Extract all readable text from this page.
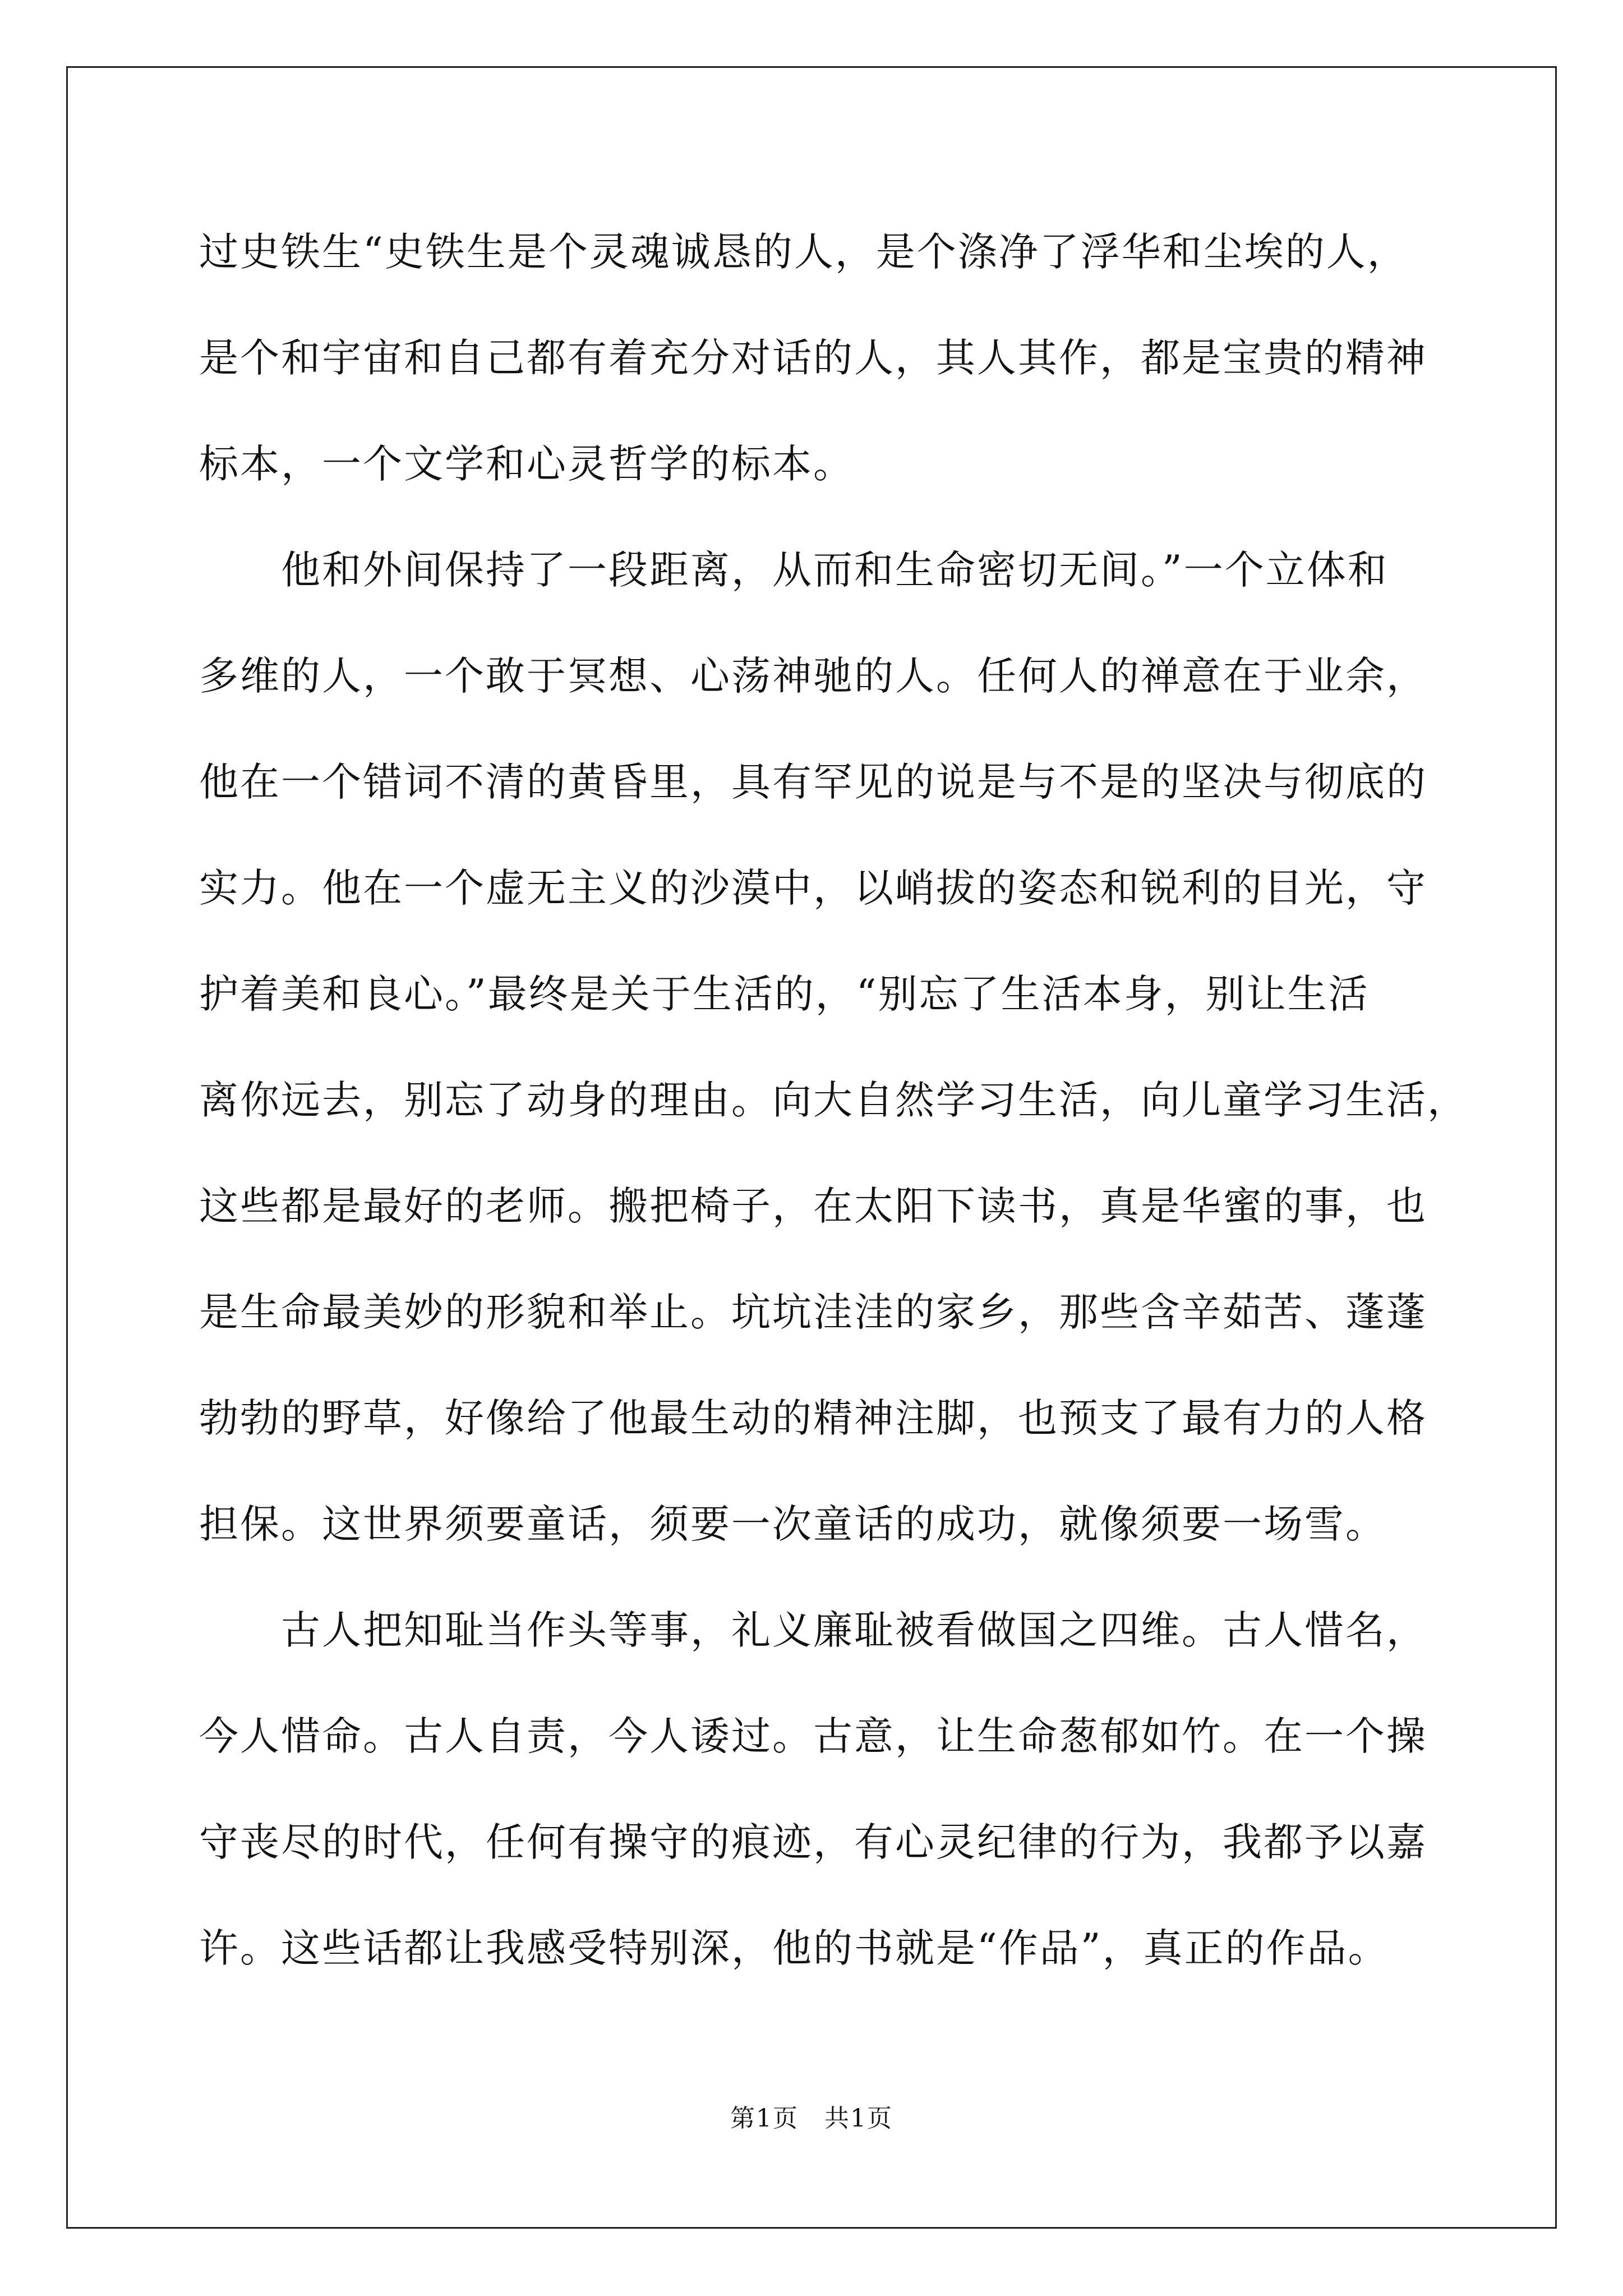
过史铁生“史铁生是个灵魂诚恳的人，是个涤净了浮华和尘埃的人，
是个和宇宙和自己都有着充分对话的人，其人其作，都是宝贵的精神
标本，一个文学和心灵哲学的标本。
　　他和外间保持了一段距离，从而和生命密切无间。”一个立体和
多维的人，一个敢于冥想、心荡神驰的人。任何人的禅意在于业余，
他在一个错词不清的黄昏里，具有罕见的说是与不是的坚决与彻底的
实力。他在一个虚无主义的沙漠中，以峭拔的姿态和锐利的目光，守
护着美和良心。”最终是关于生活的，“别忘了生活本身，别让生活
离你远去，别忘了动身的理由。向大自然学习生活，向儿童学习生活，
这些都是最好的老师。搬把椅子，在太阳下读书，真是华蜜的事，也
是生命最美妙的形貌和举止。坑坑洼洼的家乡，那些含辛茹苦、蓬蓬
勃勃的野草，好像给了他最生动的精神注脚，也预支了最有力的人格
担保。这世界须要童话，须要一次童话的成功，就像须要一场雪。
　　古人把知耻当作头等事，礼义廉耻被看做国之四维。古人惜名，
今人惜命。古人自责，今人诿过。古意，让生命葱郁如竹。在一个操
守丧尽的时代，任何有操守的痕迹，有心灵纪律的行为，我都予以嘉
许。这些话都让我感受特别深，他的书就是“作品”，真正的作品。
第1页　共1页
